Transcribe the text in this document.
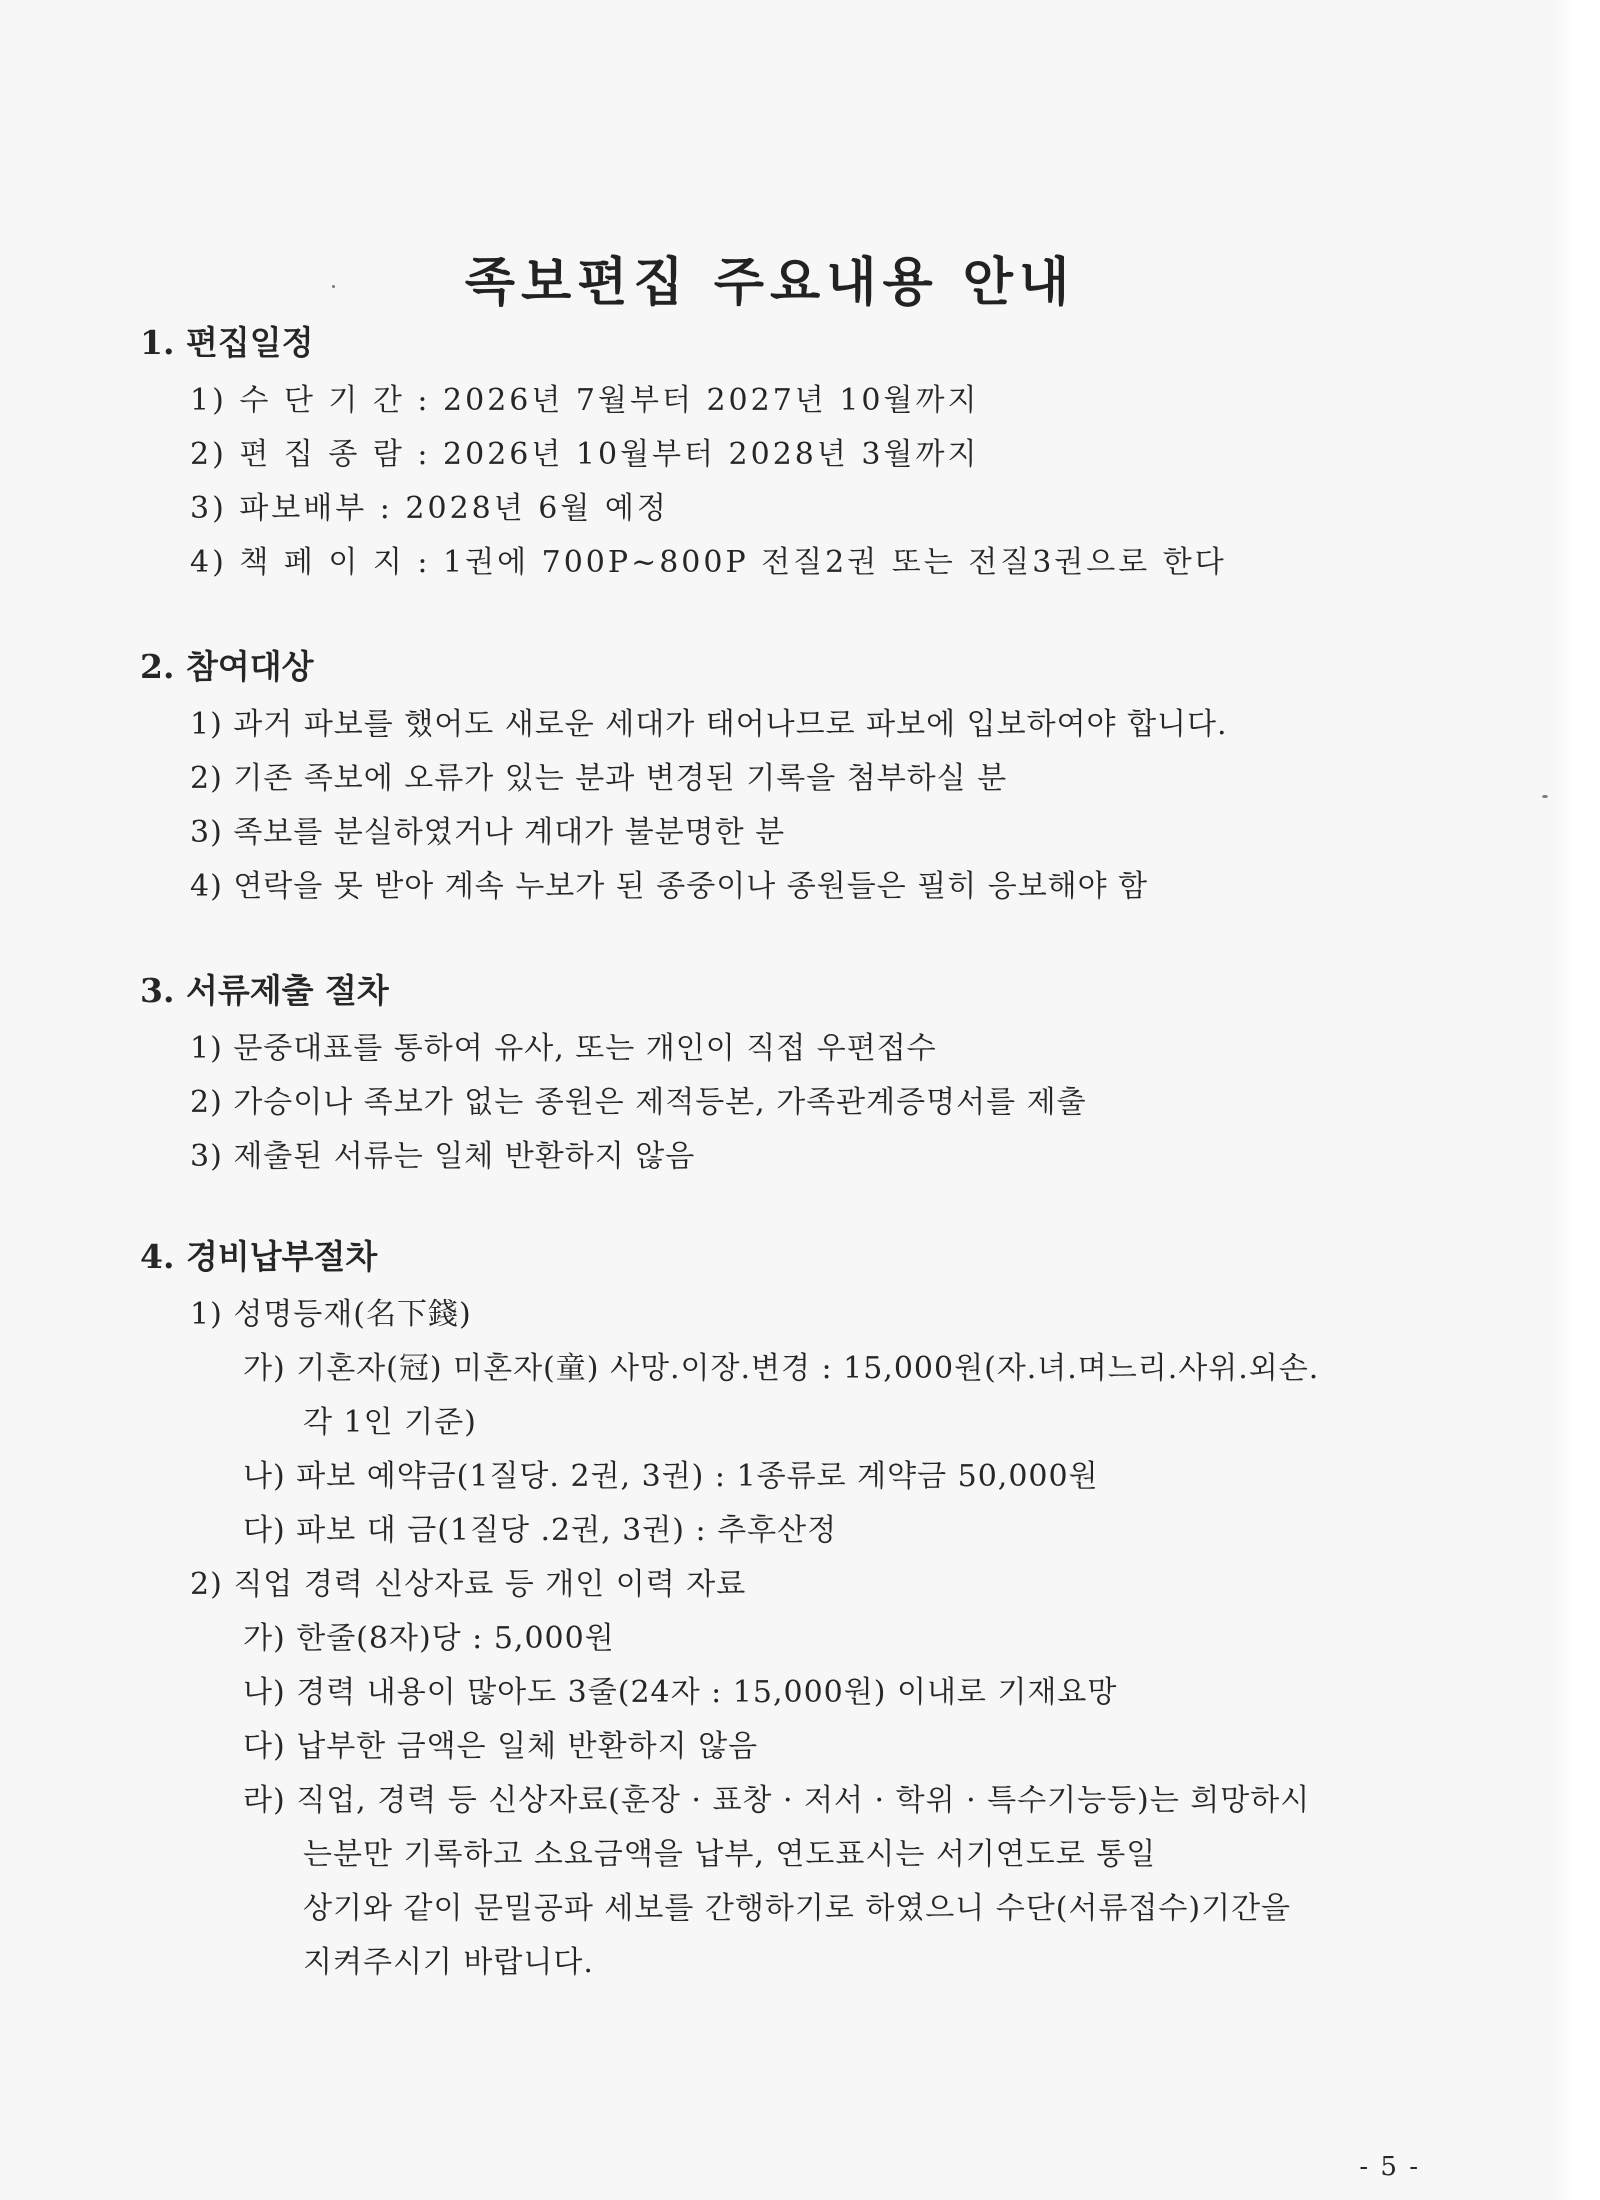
족보편집 주요내용 안내
1. 편집일정
1) 수 단 기 간 : 2026년 7월부터 2027년 10월까지
2) 편 집 종 람 : 2026년 10월부터 2028년 3월까지
3) 파보배부 : 2028년 6월 예정
4) 책 페 이 지 : 1권에 700P~800P 전질2권 또는 전질3권으로 한다
2. 참여대상
1) 과거 파보를 했어도 새로운 세대가 태어나므로 파보에 입보하여야 합니다.
2) 기존 족보에 오류가 있는 분과 변경된 기록을 첨부하실 분
3) 족보를 분실하였거나 계대가 불분명한 분
4) 연락을 못 받아 계속 누보가 된 종중이나 종원들은 필히 응보해야 함
3. 서류제출 절차
1) 문중대표를 통하여 유사, 또는 개인이 직접 우편접수
2) 가승이나 족보가 없는 종원은 제적등본, 가족관계증명서를 제출
3) 제출된 서류는 일체 반환하지 않음
4. 경비납부절차
1) 성명등재(名下錢)
가) 기혼자(冠) 미혼자(童) 사망.이장.변경 : 15,000원(자.녀.며느리.사위.외손.
각 1인 기준)
나) 파보 예약금(1질당. 2권, 3권) : 1종류로 계약금 50,000원
다) 파보 대 금(1질당 .2권, 3권) : 추후산정
2) 직업 경력 신상자료 등 개인 이력 자료
가) 한줄(8자)당 : 5,000원
나) 경력 내용이 많아도 3줄(24자 : 15,000원) 이내로 기재요망
다) 납부한 금액은 일체 반환하지 않음
라) 직업, 경력 등 신상자료(훈장 · 표창 · 저서 · 학위 · 특수기능등)는 희망하시
는분만 기록하고 소요금액을 납부, 연도표시는 서기연도로 통일
상기와 같이 문밀공파 세보를 간행하기로 하였으니 수단(서류접수)기간을
지켜주시기 바랍니다.
- 5 -
